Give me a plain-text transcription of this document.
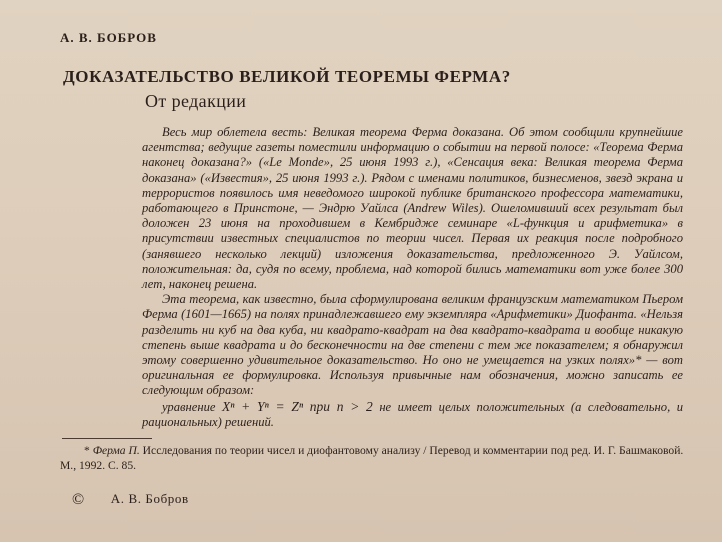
А. В. БОБРОВ
ДОКАЗАТЕЛЬСТВО ВЕЛИКОЙ ТЕОРЕМЫ ФЕРМА?
От редакции

Весь мир облетела весть: Великая теорема Ферма доказана. Об этом сообщили крупнейшие агентства; ведущие газеты поместили информацию о событии на первой полосе: «Теорема Ферма наконец доказана?» («Le Monde», 25 июня 1993 г.), «Сенсация века: Великая теорема Ферма доказана» («Известия», 25 июня 1993 г.). Рядом с именами политиков, бизнесменов, звезд экрана и террористов появилось имя неведомого широкой публике британского профессора математики, работающего в Принстоне, — Эндрю Уайлса (Andrew Wiles). Ошеломивший всех результат был доложен 23 июня на проходившем в Кембридже семинаре «L-функция и арифметика» в присутствии известных специалистов по теории чисел. Первая их реакция после подробного (занявшего несколько лекций) изложения доказательства, предложенного Э. Уайлсом, положительная: да, судя по всему, проблема, над которой бились математики вот уже более 300 лет, наконец решена.

Эта теорема, как известно, была сформулирована великим французским математиком Пьером Ферма (1601—1665) на полях принадлежавшего ему экземпляра «Арифметики» Диофанта. «Нельзя разделить ни куб на два куба, ни квадрато-квадрат на два квадрато-квадрата и вообще никакую степень выше квадрата и до бесконечности на две степени с тем же показателем; я обнаружил этому совершенно удивительное доказательство. Но оно не умещается на узких полях»* — вот оригинальная ее формулировка. Используя привычные нам обозначения, можно записать ее следующим образом:

уравнение Xⁿ + Yⁿ = Zⁿ при n > 2 не имеет целых положительных (а следовательно, и рациональных) решений.

* Ферма П. Исследования по теории чисел и диофантовому анализу / Перевод и комментарии под ред. И. Г. Башмаковой. М., 1992. С. 85.
© А. В. Бобров
